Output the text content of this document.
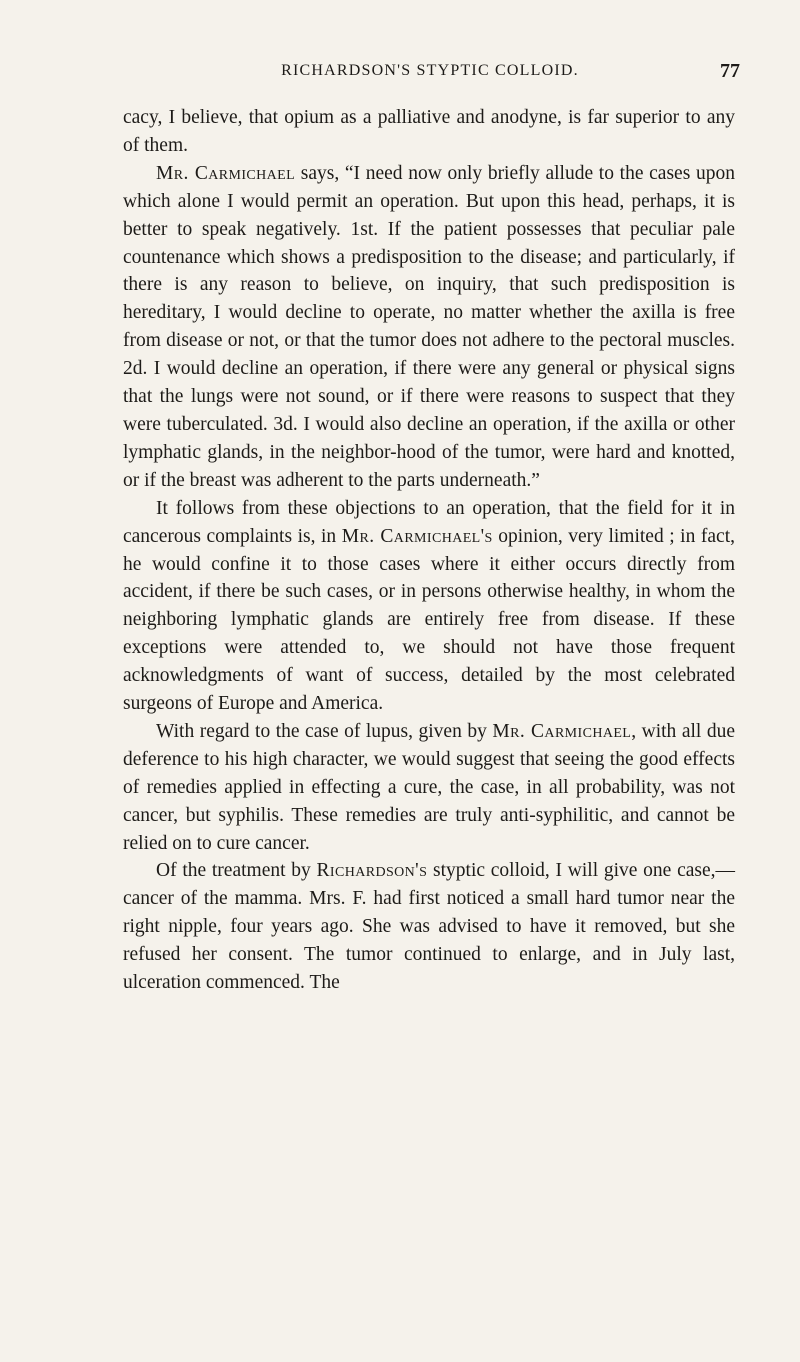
RICHARDSON'S STYPTIC COLLOID.	77

cacy, I believe, that opium as a palliative and anodyne, is far superior to any of them.

Mr. Carmichael says, “I need now only briefly allude to the cases upon which alone I would permit an operation. But upon this head, perhaps, it is better to speak negatively. 1st. If the patient possesses that peculiar pale countenance which shows a predisposition to the disease; and particularly, if there is any reason to believe, on inquiry, that such predisposition is hereditary, I would decline to operate, no matter whether the axilla is free from disease or not, or that the tumor does not adhere to the pectoral muscles. 2d. I would decline an operation, if there were any general or physical signs that the lungs were not sound, or if there were reasons to suspect that they were tuberculated. 3d. I would also decline an operation, if the axilla or other lymphatic glands, in the neighbor-hood of the tumor, were hard and knotted, or if the breast was adherent to the parts underneath.”

It follows from these objections to an operation, that the field for it in cancerous complaints is, in Mr. Carmichael's opinion, very limited ; in fact, he would confine it to those cases where it either occurs directly from accident, if there be such cases, or in persons otherwise healthy, in whom the neighboring lymphatic glands are entirely free from disease. If these exceptions were attended to, we should not have those frequent acknowledgments of want of success, detailed by the most celebrated surgeons of Europe and America.

With regard to the case of lupus, given by Mr. Carmichael, with all due deference to his high character, we would suggest that seeing the good effects of remedies applied in effecting a cure, the case, in all probability, was not cancer, but syphilis. These remedies are truly anti-syphilitic, and cannot be relied on to cure cancer.

Of the treatment by Richardson's styptic colloid, I will give one case,—cancer of the mamma. Mrs. F. had first noticed a small hard tumor near the right nipple, four years ago. She was advised to have it removed, but she refused her consent. The tumor continued to enlarge, and in July last, ulceration commenced. The
